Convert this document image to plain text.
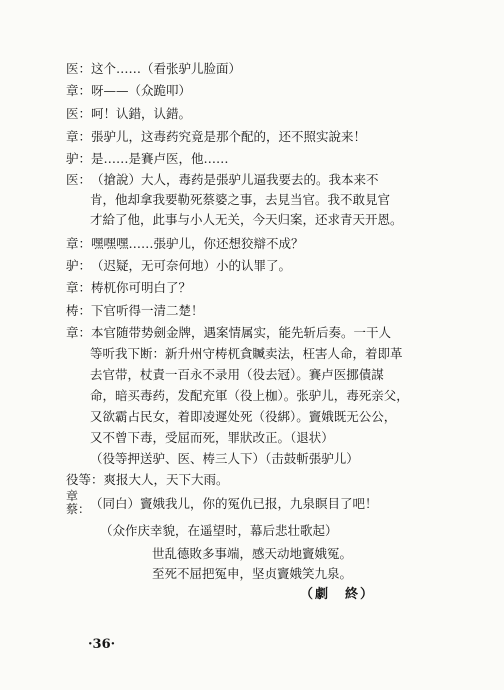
医：这个……（看张驴儿脸面）
章：呀——（众跪叩）
医：呵！认錯，认錯。
章：張驴儿，这毒药究竟是那个配的，还不照实說来！
驴：是……是賽卢医，他……
医：（搶說）大人，毒药是張驴儿逼我要去的。我本来不
肯，他却拿我要勒死蔡婆之事，去見当官。我不敢見官
才給了他，此事与小人无关，今天归案，还求青天开恩。
章：嘿嘿嘿……張驴儿，你还想狡辯不成？
驴：（迟疑，无可奈何地）小的认罪了。
章：梼杌你可明白了？
梼：下官听得一清二楚！
章：本官随带势劍金牌，遇案情属实，能先斩后奏。一干人
等听我下断：新升州守梼杌貪贓卖法，枉害人命，着即革
去官带，杖責一百永不录用（役去冠）。賽卢医挪債謀
命，暗买毒药，发配充軍（役上枷）。张驴儿，毒死亲父，
又欲霸占民女，着即凌遲处死（役綁）。竇娥既无公公，
又不曾下毒，受屈而死，罪狀改正。（退状）
（役等押送驴、医、梼三人下）（击鼓斬張驴儿）
役等：爽报大人，天下大雨。
章
蔡： （同白）竇娥我儿，你的冤仇已报，九泉瞑目了吧！
（众作庆幸貌，在遥望时，幕后悲壮歌起）
世乱德敗多事端，感天动地竇娥冤。
至死不屈把冤申，坚贞竇娥笑九泉。
（劇　終）
·36·
